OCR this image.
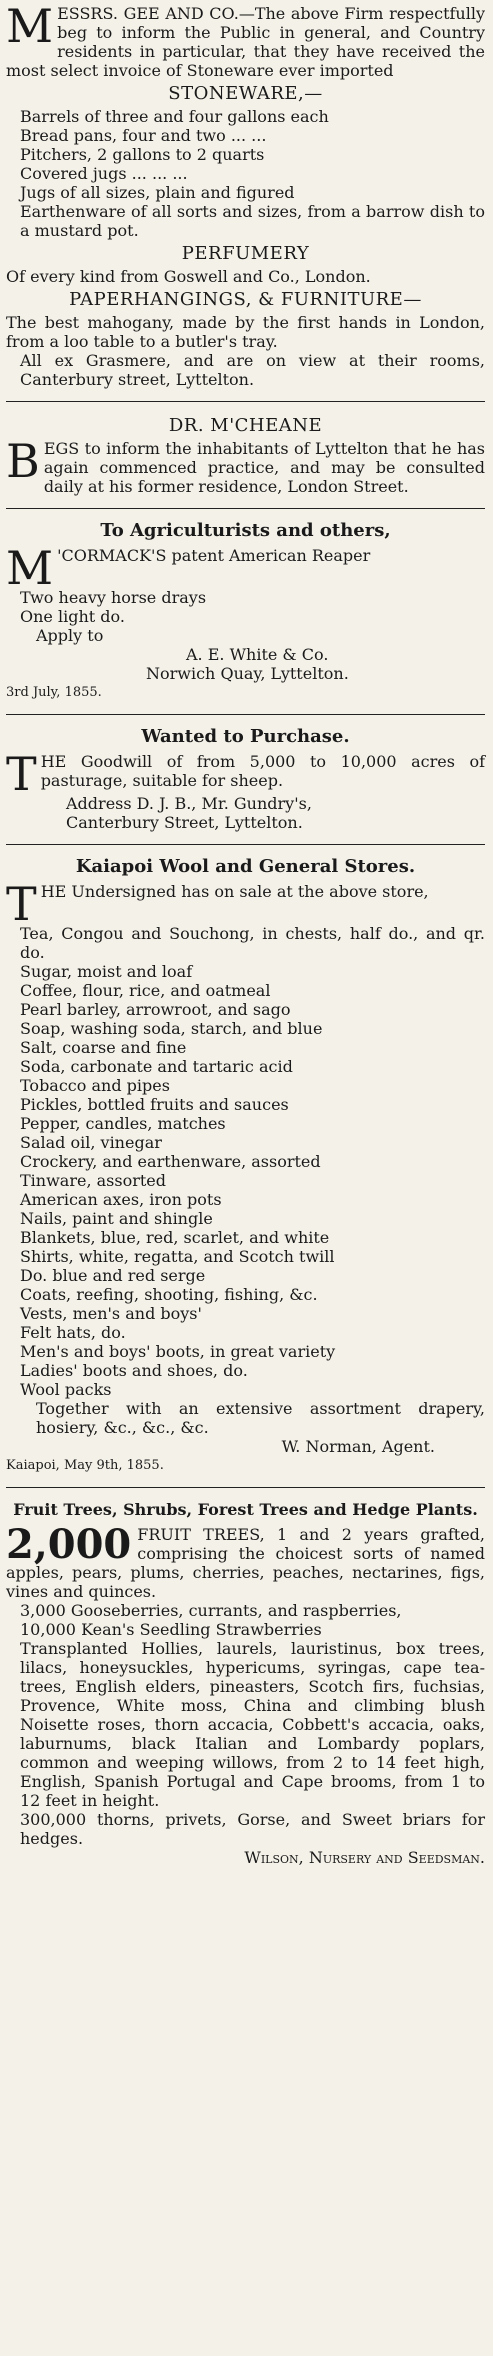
M ESSRS. GEE AND CO.—The above Firm respectfully beg to inform the Public in general, and Country residents in particular, that they have received the most select invoice of Stoneware ever imported
STONEWARE,—
Barrels of three and four gallons each
Bread pans, four and two ... ...
Pitchers, 2 gallons to 2 quarts
Covered jugs ... ... ...
Jugs of all sizes, plain and figured
Earthenware of all sorts and sizes, from a barrow dish to a mustard pot.
PERFUMERY
Of every kind from Goswell and Co., London.
PAPERHANGINGS, & FURNITURE—
The best mahogany, made by the first hands in London, from a loo table to a butler's tray.
All ex Grasmere, and are on view at their rooms, Canterbury street, Lyttelton.
DR. M'CHEANE
B EGS to inform the inhabitants of Lyttelton that he has again commenced practice, and may be consulted daily at his former residence, London Street.
To Agriculturists and others,
M 'CORMACK'S patent American Reaper
Two heavy horse drays
One light do.
Apply to
A. E. White & Co.
Norwich Quay, Lyttelton.
3rd July, 1855.
Wanted to Purchase.
T HE Goodwill of from 5,000 to 10,000 acres of pasturage, suitable for sheep.
Address D. J. B., Mr. Gundry's,
Canterbury Street, Lyttelton.
Kaiapoi Wool and General Stores.
T HE Undersigned has on sale at the above store,
Tea, Congou and Souchong, in chests, half do., and qr. do.
Sugar, moist and loaf
Coffee, flour, rice, and oatmeal
Pearl barley, arrowroot, and sago
Soap, washing soda, starch, and blue
Salt, coarse and fine
Soda, carbonate and tartaric acid
Tobacco and pipes
Pickles, bottled fruits and sauces
Pepper, candles, matches
Salad oil, vinegar
Crockery, and earthenware, assorted
Tinware, assorted
American axes, iron pots
Nails, paint and shingle
Blankets, blue, red, scarlet, and white
Shirts, white, regatta, and Scotch twill
Do. blue and red serge
Coats, reefing, shooting, fishing, &c.
Vests, men's and boys'
Felt hats, do.
Men's and boys' boots, in great variety
Ladies' boots and shoes, do.
Wool packs
Together with an extensive assortment drapery, hosiery, &c., &c., &c.
W. Norman, Agent.
Kaiapoi, May 9th, 1855.
Fruit Trees, Shrubs, Forest Trees and Hedge Plants.
2,000 FRUIT TREES, 1 and 2 years grafted, comprising the choicest sorts of named apples, pears, plums, cherries, peaches, nectarines, figs, vines and quinces.
3,000 Gooseberries, currants, and raspberries,
10,000 Kean's Seedling Strawberries
Transplanted Hollies, laurels, lauristinus, box trees, lilacs, honeysuckles, hypericums, syringas, cape tea-trees, English elders, pineasters, Scotch firs, fuchsias, Provence, White moss, China and climbing blush Noisette roses, thorn accacia, Cobbett's accacia, oaks, laburnums, black Italian and Lombardy poplars, common and weeping willows, from 2 to 14 feet high, English, Spanish Portugal and Cape brooms, from 1 to 12 feet in height.
300,000 thorns, privets, Gorse, and Sweet briars for hedges.
Wilson, Nursery and Seedsman.
